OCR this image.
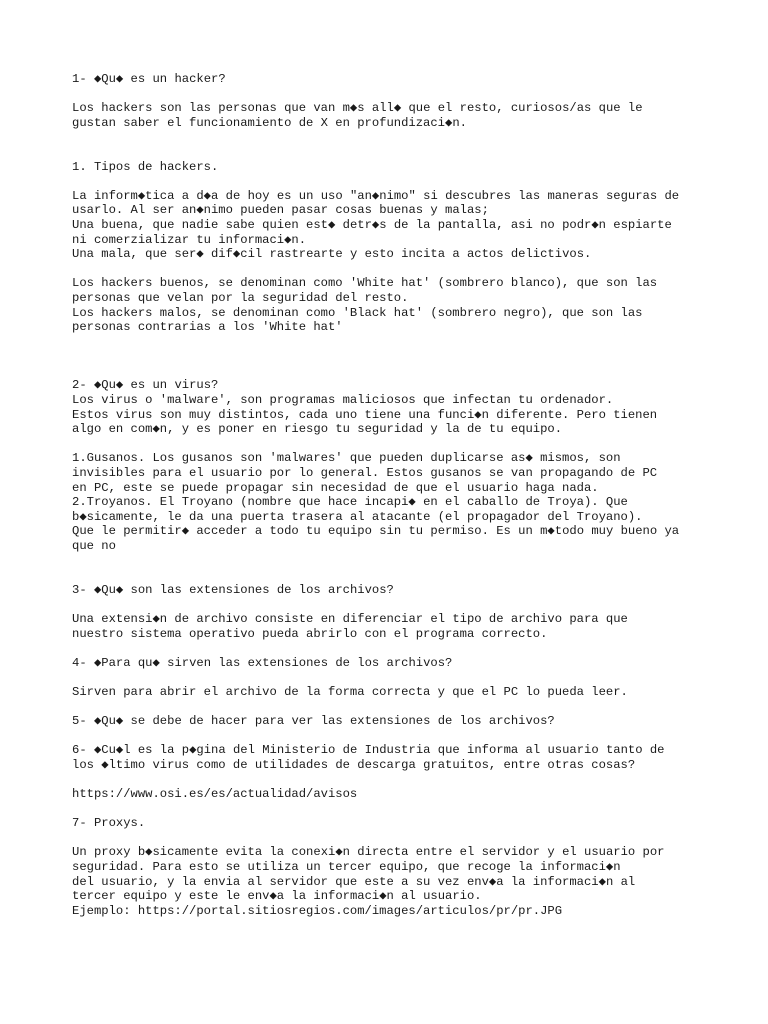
1- ◆Qu◆ es un hacker?
Los hackers son las personas que van m◆s all◆ que el resto, curiosos/as que le
gustan saber el funcionamiento de X en profundizaci◆n.
1. Tipos de hackers.
La inform◆tica a d◆a de hoy es un uso "an◆nimo" si descubres las maneras seguras de
usarlo. Al ser an◆nimo pueden pasar cosas buenas y malas;
Una buena, que nadie sabe quien est◆ detr◆s de la pantalla, asi no podr◆n espiarte
ni comerzializar tu informaci◆n.
Una mala, que ser◆ dif◆cil rastrearte y esto incita a actos delictivos.
Los hackers buenos, se denominan como 'White hat' (sombrero blanco), que son las
personas que velan por la seguridad del resto.
Los hackers malos, se denominan como 'Black hat' (sombrero negro), que son las
personas contrarias a los 'White hat'
2- ◆Qu◆ es un virus?
Los virus o 'malware', son programas maliciosos que infectan tu ordenador.
Estos virus son muy distintos, cada uno tiene una funci◆n diferente. Pero tienen
algo en com◆n, y es poner en riesgo tu seguridad y la de tu equipo.
1.Gusanos. Los gusanos son 'malwares' que pueden duplicarse as◆ mismos, son
invisibles para el usuario por lo general. Estos gusanos se van propagando de PC
en PC, este se puede propagar sin necesidad de que el usuario haga nada.
2.Troyanos. El Troyano (nombre que hace incapi◆ en el caballo de Troya). Que
b◆sicamente, le da una puerta trasera al atacante (el propagador del Troyano).
Que le permitir◆ acceder a todo tu equipo sin tu permiso. Es un m◆todo muy bueno ya
que no
3- ◆Qu◆ son las extensiones de los archivos?
Una extensi◆n de archivo consiste en diferenciar el tipo de archivo para que
nuestro sistema operativo pueda abrirlo con el programa correcto.
4- ◆Para qu◆ sirven las extensiones de los archivos?
Sirven para abrir el archivo de la forma correcta y que el PC lo pueda leer.
5- ◆Qu◆ se debe de hacer para ver las extensiones de los archivos?
6- ◆Cu◆l es la p◆gina del Ministerio de Industria que informa al usuario tanto de
los ◆ltimo virus como de utilidades de descarga gratuitos, entre otras cosas?
https://www.osi.es/es/actualidad/avisos
7- Proxys.
Un proxy b◆sicamente evita la conexi◆n directa entre el servidor y el usuario por
seguridad. Para esto se utiliza un tercer equipo, que recoge la informaci◆n
del usuario, y la envia al servidor que este a su vez env◆a la informaci◆n al
tercer equipo y este le env◆a la informaci◆n al usuario.
Ejemplo: https://portal.sitiosregios.com/images/articulos/pr/pr.JPG
